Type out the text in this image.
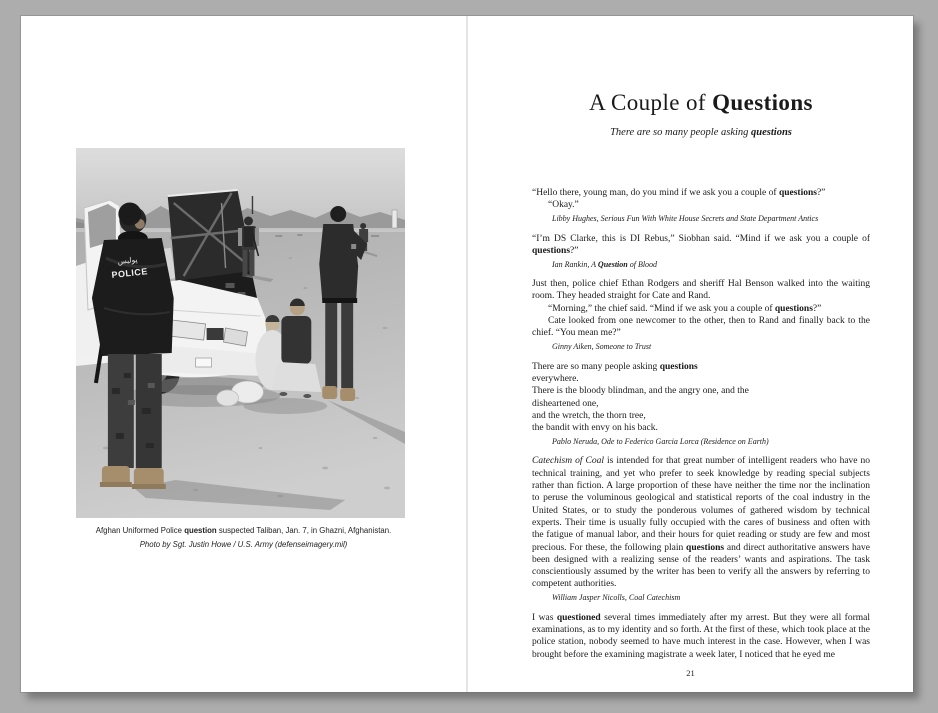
پولیس
POLICE

Afghan Uniformed Police question suspected Taliban, Jan. 7, in Ghazni, Afghanistan.

Photo by Sgt. Justin Howe / U.S. Army (defenseimagery.mil)

A Couple of Questions

There are so many people asking questions

“Hello there, young man, do you mind if we ask you a couple of questions?”

“Okay.”

Libby Hughes, Serious Fun With White House Secrets and State Department Antics

“I’m DS Clarke, this is DI Rebus,” Siobhan said. “Mind if we ask you a couple of questions?”

Ian Rankin, A Question of Blood

Just then, police chief Ethan Rodgers and sheriff Hal Benson walked into the waiting room. They headed straight for Cate and Rand.

“Morning,” the chief said. “Mind if we ask you a couple of questions?”

Cate looked from one newcomer to the other, then to Rand and finally back to the chief. “You mean me?”

Ginny Aiken, Someone to Trust

There are so many people asking questions

everywhere.

There is the bloody blindman, and the angry one, and the

disheartened one,

and the wretch, the thorn tree,

the bandit with envy on his back.

Pablo Neruda, Ode to Federico Garcia Lorca (Residence on Earth)

Catechism of Coal is intended for that great number of intelligent readers who have no technical training, and yet who prefer to seek knowledge by reading special subjects rather than fiction. A large proportion of these have neither the time nor the inclination to peruse the voluminous geological and statistical reports of the coal industry in the United States, or to study the ponderous volumes of gathered wisdom by technical experts. Their time is usually fully occupied with the cares of business and often with the fatigue of manual labor, and their hours for quiet reading or study are few and most precious. For these, the following plain questions and direct authoritative answers have been designed with a realizing sense of the readers’ wants and aspirations. The task conscientiously assumed by the writer has been to verify all the answers by referring to competent authorities.

William Jasper Nicolls, Coal Catechism

I was questioned several times immediately after my arrest. But they were all formal examinations, as to my identity and so forth. At the first of these, which took place at the police station, nobody seemed to have much interest in the case. However, when I was brought before the examining magistrate a week later, I noticed that he eyed me

21
